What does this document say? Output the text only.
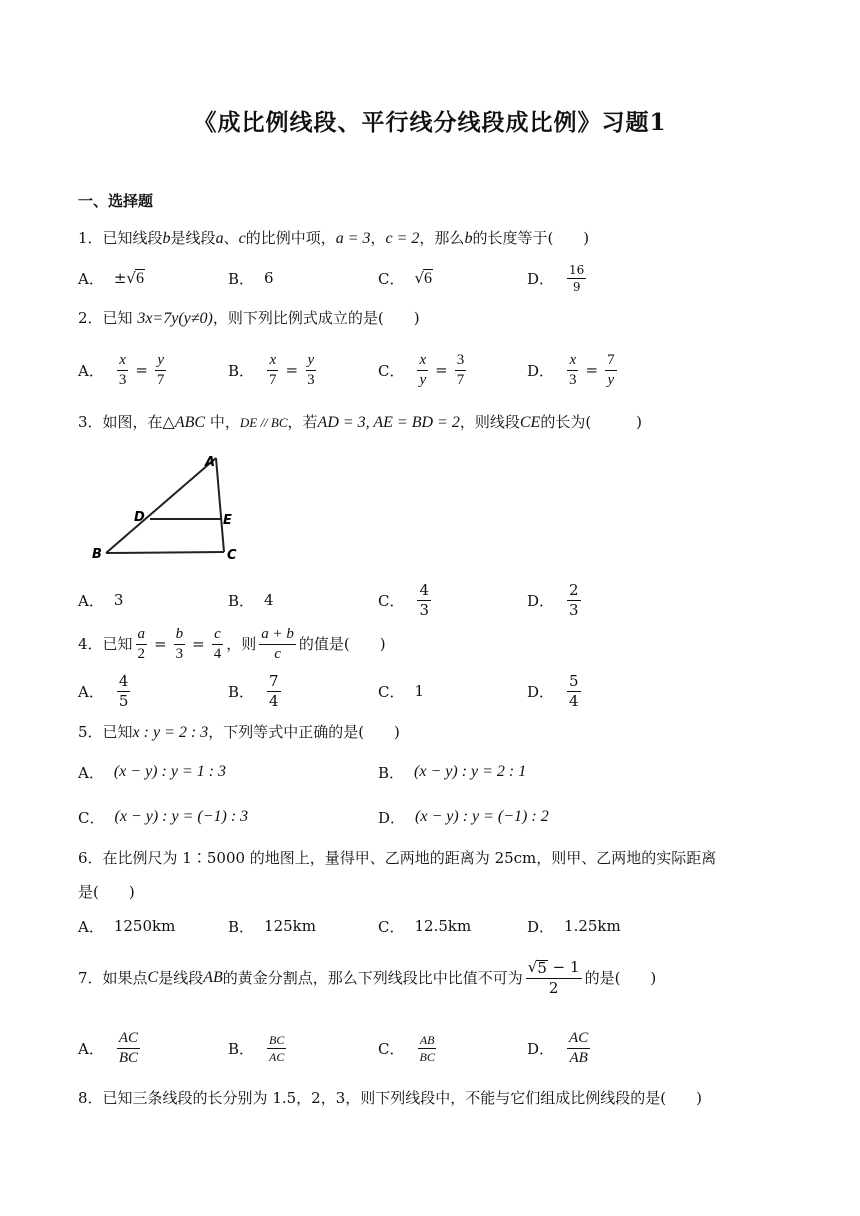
《成比例线段、平行线分线段成比例》习题1
一、选择题
1．已知线段b是线段a、c的比例中项，a = 3，c = 2，那么b的长度等于(　　)
A． ± √ 6	B． 6	C． √ 6	D． $\frac{16}{9}$
2．已知 3x=7y(y≠0)，则下列比例式成立的是(　　)
A． $\frac{x}{3} = \frac{y}{7}$	B． $\frac{x}{7} = \frac{y}{3}$	C． $\frac{x}{y} = \frac{3}{7}$	D． $\frac{x}{3} = \frac{7}{y}$
3．如图，在△ABC 中，DE // BC，若AD = 3, AE = BD = 2，则线段CE的长为(　　　)
A
B	C
D	E
A． 3	B． 4	C． $\frac{4}{3}$	D． $\frac{2}{3}$
4．已知 $\frac{a}{2} = \frac{b}{3} = \frac{c}{4}$ ，则 $\frac{a + b}{c}$ 的值是(　　)
A． $\frac{4}{5}$	B． $\frac{7}{4}$	C． 1	D． $\frac{5}{4}$
5．已知x : y = 2 : 3，下列等式中正确的是(　　)
A． (x − y) : y = 1 : 3	B． (x − y) : y = 2 : 1
C． (x − y) : y = (−1) : 3	D． (x − y) : y = (−1) : 2
6．在比例尺为 1∶5000 的地图上，量得甲、乙两地的距离为 25cm，则甲、乙两地的实际距离
是(　　)
A． 1250km	B． 125km	C． 12.5km	D． 1.25km
7．如果点 C 是线段 AB 的黄金分割点，那么下列线段比中比值不可为 $\frac{√ 5 - 1}{2}$ 的是(　　)
A． $\frac{AC}{BC}$	B． $\frac{BC}{AC}$	C． $\frac{AB}{BC}$	D． $\frac{AC}{AB}$
8．已知三条线段的长分别为 1.5，2，3，则下列线段中，不能与它们组成比例线段的是(　　)
